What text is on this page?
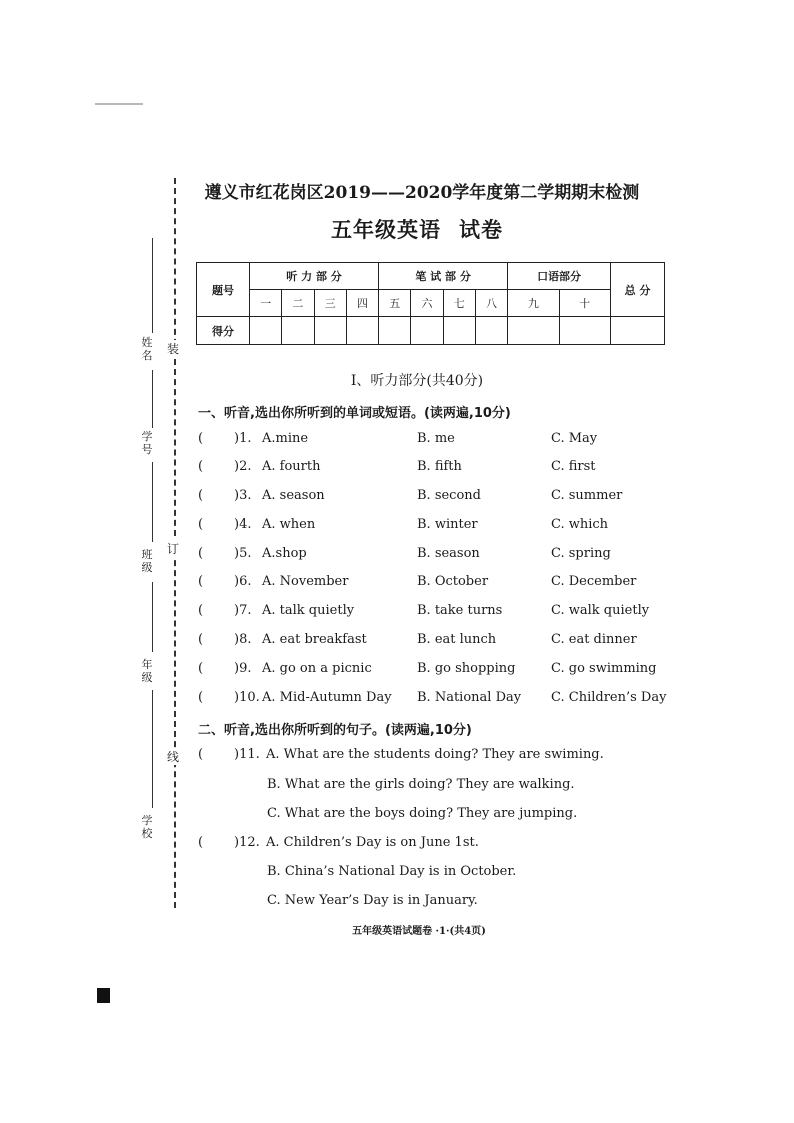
装
订
线
姓名
学号
班级
年级
学校
遵义市红花岗区2019——2020学年度第二学期期末检测
五年级英语 试卷
题号	听 力 部 分				笔 试 部 分				口语部分		总 分
	一	二	三	四	五	六	七	八	九	十	
得分											
Ⅰ、听力部分(共40分)
一、听音,选出你所听到的单词或短语。(读两遍,10分)
( )1. A.mine	B. me	C. May
( )2. A. fourth	B. fifth	C. first
( )3. A. season	B. second	C. summer
( )4. A. when	B. winter	C. which
( )5. A.shop	B. season	C. spring
( )6. A. November	B. October	C. December
( )7. A. talk quietly	B. take turns	C. walk quietly
( )8. A. eat breakfast	B. eat lunch	C. eat dinner
( )9. A. go on a picnic	B. go shopping	C. go swimming
( )10. A. Mid-Autumn Day B. National Day C. Children’s Day
二、听音,选出你所听到的句子。(读两遍,10分)
( )11. A. What are the students doing? They are swiming.
B. What are the girls doing? They are walking.
C. What are the boys doing? They are jumping.
( )12. A. Children’s Day is on June 1st.
B. China’s National Day is in October.
C. New Year’s Day is in January.
五年级英语试题卷 ·1·(共4页)
